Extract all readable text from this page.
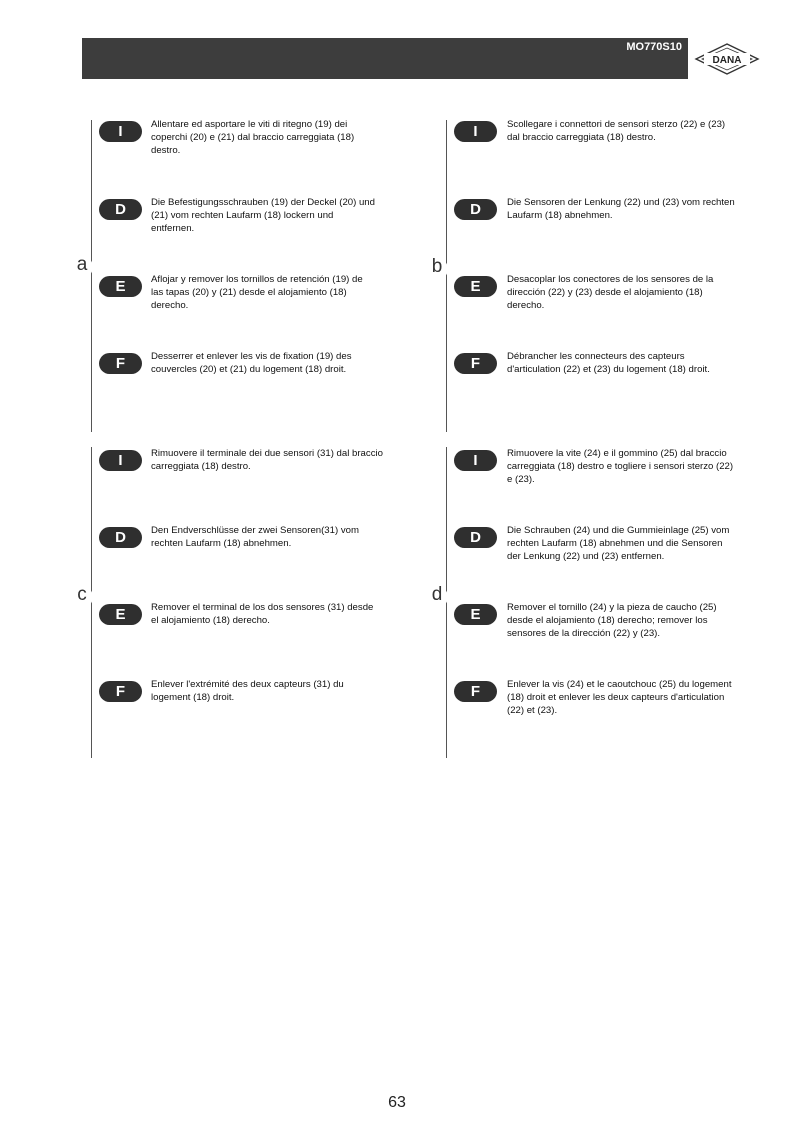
MO770S10
DANA
a
I	Allentare ed asportare le viti di ritegno (19) dei
coperchi (20) e (21) dal braccio carreggiata (18)
destro.
D	Die Befestigungsschrauben (19) der Deckel (20) und
(21) vom rechten Laufarm (18) lockern und
entfernen.
E	Aflojar y remover los tornillos de retención (19) de
las tapas (20) y (21) desde el alojamiento (18)
derecho.
F	Desserrer et enlever les vis de fixation (19) des
couvercles (20) et (21) du logement (18) droit.
b
I	Scollegare i connettori de sensori sterzo (22) e (23)
dal braccio carreggiata (18) destro.
D	Die Sensoren der Lenkung (22) und (23) vom rechten
Laufarm (18) abnehmen.
E	Desacoplar los conectores de los sensores de la
dirección (22) y (23) desde el alojamiento (18)
derecho.
F	Débrancher les connecteurs des capteurs
d'articulation (22) et (23) du logement (18) droit.
c
I	Rimuovere il terminale dei due sensori (31) dal braccio
carreggiata (18) destro.
D	Den Endverschlüsse der zwei Sensoren(31) vom
rechten Laufarm (18) abnehmen.
E	Remover el terminal de los dos sensores (31) desde
el alojamiento (18) derecho.
F	Enlever l'extrémité des deux capteurs (31) du
logement (18) droit.
d
I	Rimuovere la vite (24) e il gommino (25) dal braccio
carreggiata (18) destro e togliere i sensori sterzo (22)
e (23).
D	Die Schrauben (24) und die Gummieinlage (25) vom
rechten Laufarm (18) abnehmen und die Sensoren
der Lenkung (22) und (23) entfernen.
E	Remover el tornillo (24) y la pieza de caucho (25)
desde el alojamiento (18) derecho; remover los
sensores de la dirección (22) y (23).
F	Enlever la vis (24) et le caoutchouc (25) du logement
(18) droit et enlever les deux capteurs d'articulation
(22) et (23).
63
